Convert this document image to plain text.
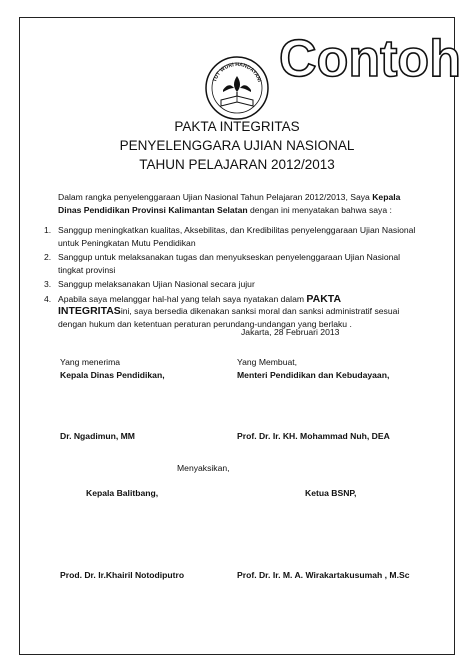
Contoh
TUT WURI HANDAYANI
PAKTA INTEGRITAS
PENYELENGGARA UJIAN NASIONAL
TAHUN PELAJARAN 2012/2013
Dalam rangka penyelenggaraan Ujian Nasional Tahun Pelajaran 2012/2013, Saya Kepala Dinas Pendidikan Provinsi Kalimantan Selatan dengan ini menyatakan bahwa saya :
1. Sanggup meningkatkan kualitas, Aksebilitas, dan Kredibilitas penyelenggaraan Ujian Nasional untuk Peningkatan Mutu Pendidikan
2. Sanggup untuk melaksanakan tugas dan menyukseskan penyelenggaraan Ujian Nasional tingkat provinsi
3. Sanggup melaksanakan Ujian Nasional secara jujur
4. Apabila saya melanggar hal-hal yang telah saya nyatakan dalam PAKTA
INTEGRITASini, saya bersedia dikenakan sanksi moral dan sanksi administratif sesuai dengan hukum dan ketentuan peraturan perundang-undangan yang berlaku .
Jakarta, 28 Februari 2013
Yang menerima
Kepala Dinas Pendidikan,
Yang Membuat,
Menteri Pendidikan dan Kebudayaan,
Dr. Ngadimun, MM	Prof. Dr. Ir. KH. Mohammad Nuh, DEA
Menyaksikan,
Kepala Balitbang,	Ketua BSNP,
Prod. Dr. Ir.Khairil Notodiputro	Prof. Dr. Ir. M. A. Wirakartakusumah , M.Sc
